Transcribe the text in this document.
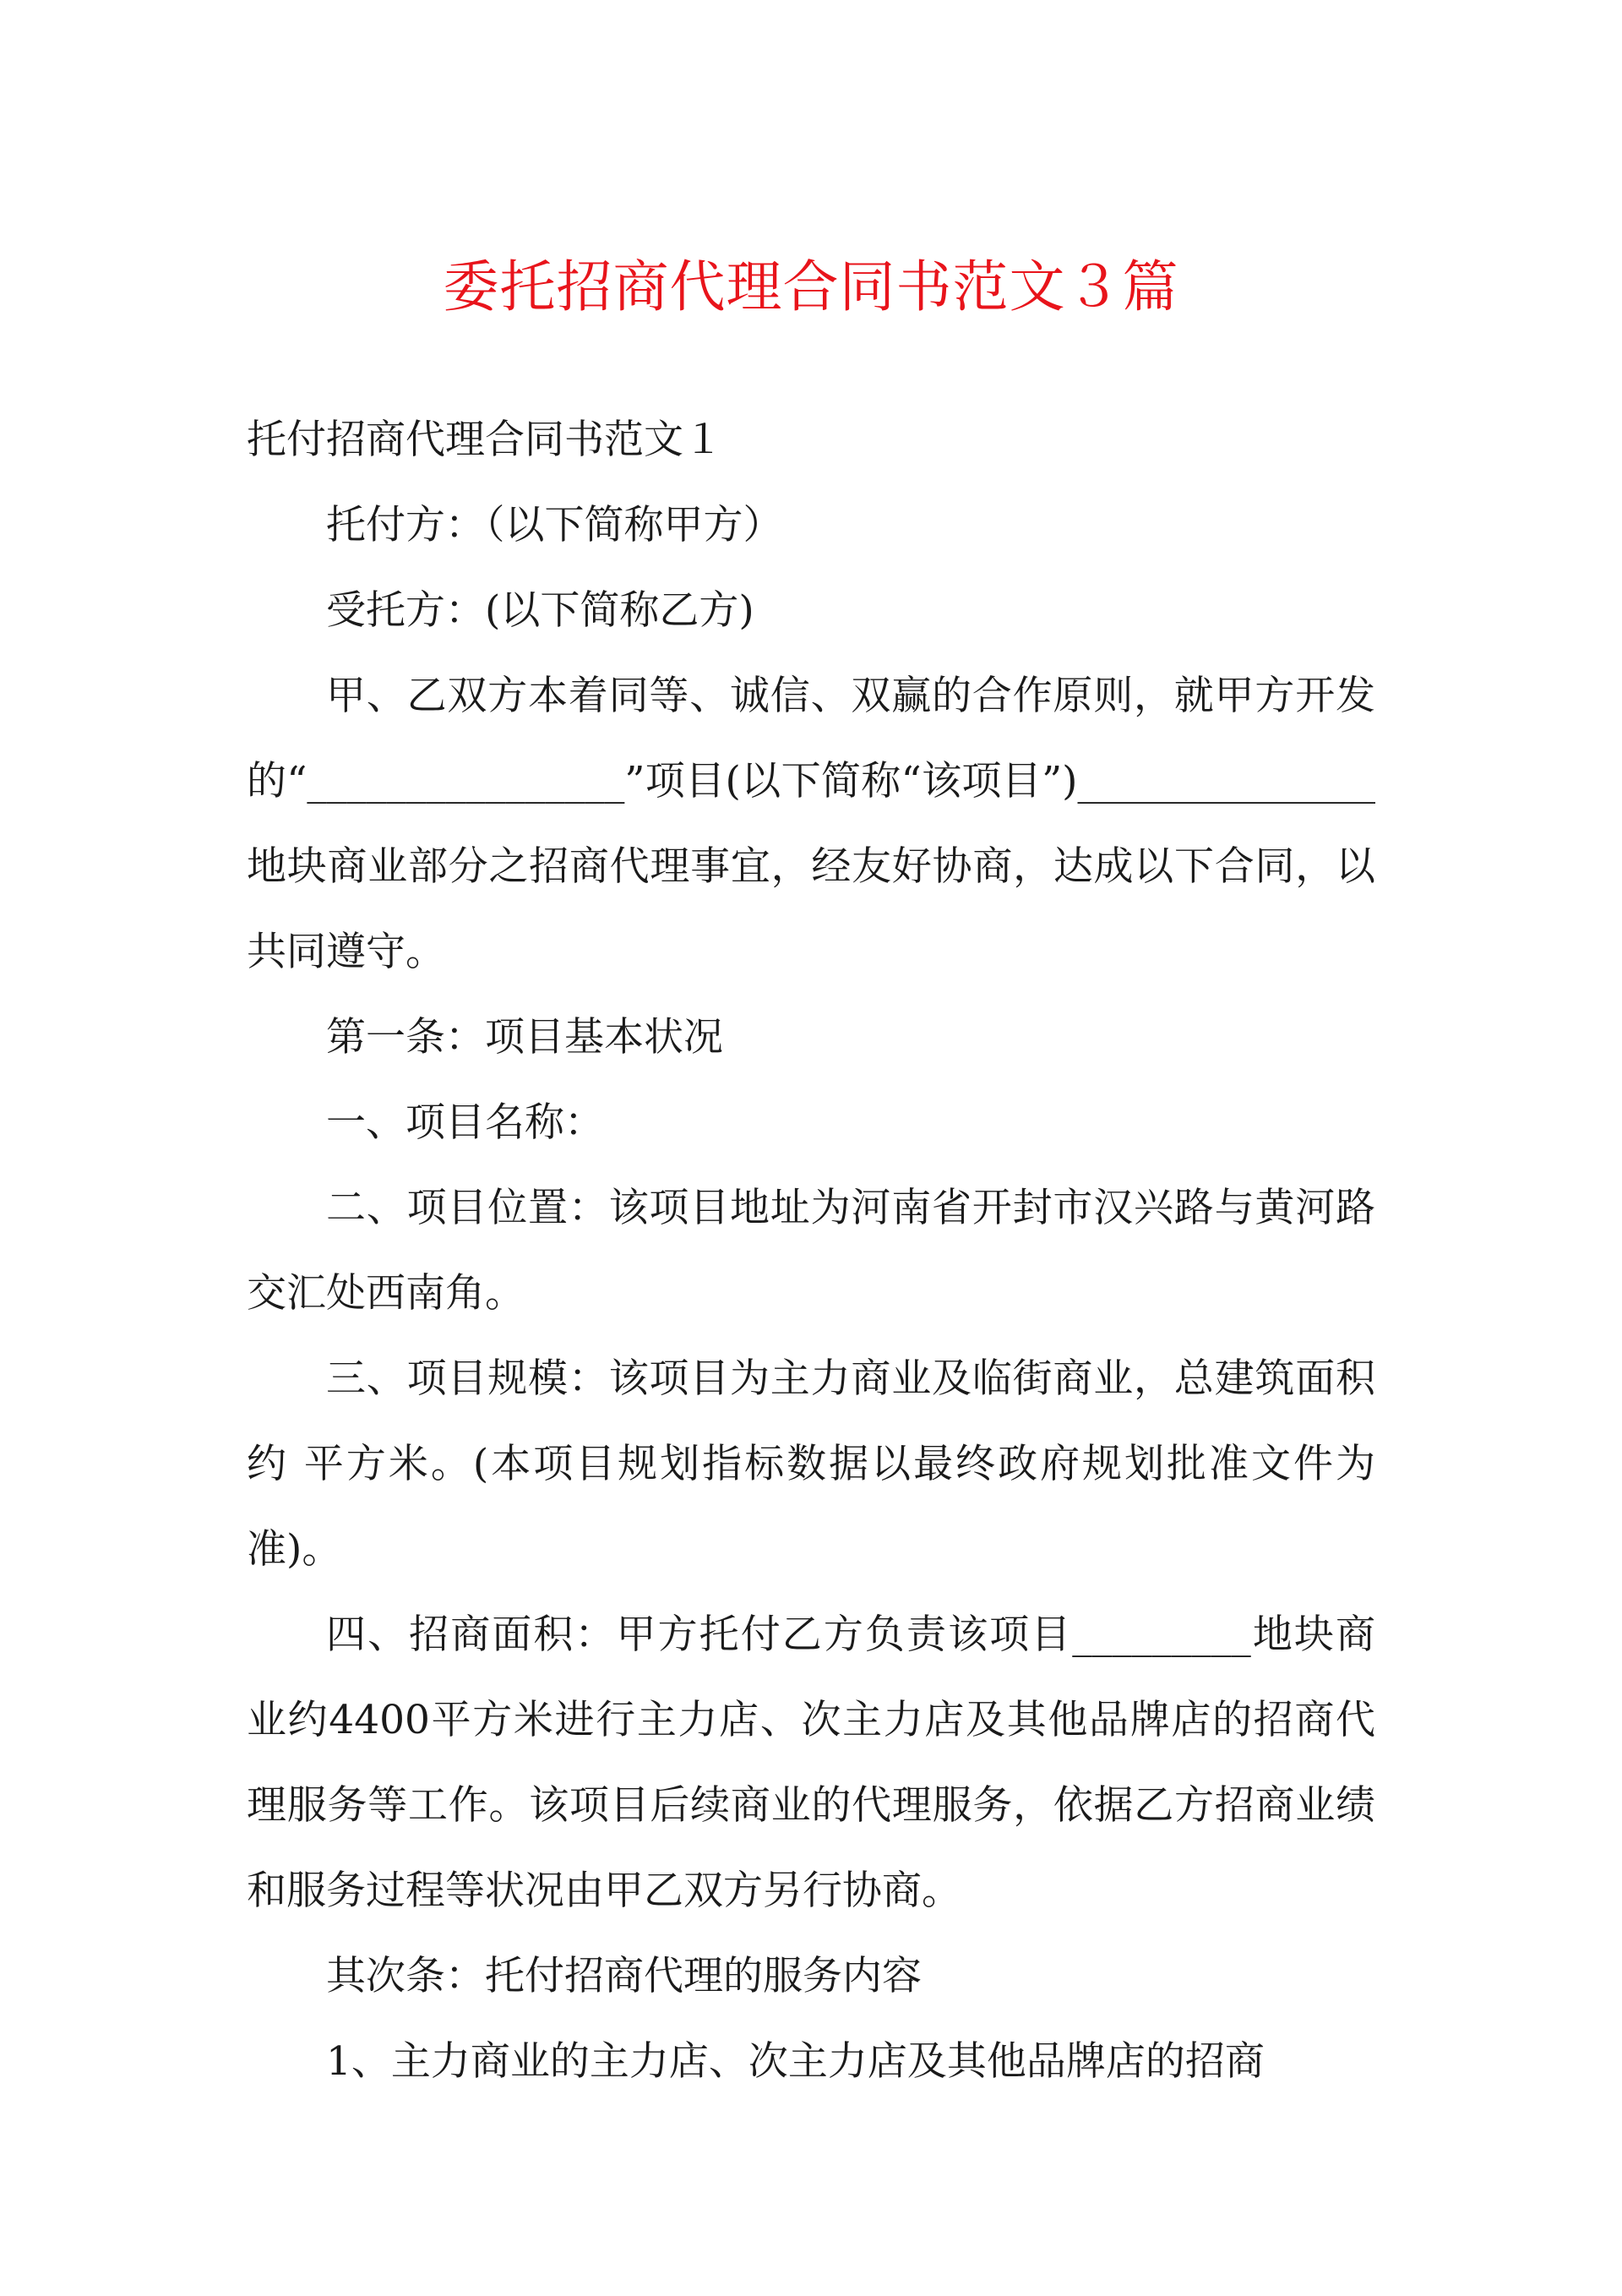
委托招商代理合同书范文３篇

托付招商代理合同书范文１

托付方：（以下简称甲方）

受托方：(以下简称乙方)

甲、乙双方本着同等、诚信、双赢的合作原则，就甲方开发的“________________”项目(以下简称“该项目”)_______________地块商业部分之招商代理事宜，经友好协商，达成以下合同，以共同遵守。

第一条：项目基本状况

一、项目名称：

二、项目位置：该项目地址为河南省开封市汉兴路与黄河路交汇处西南角。

三、项目规模：该项目为主力商业及临街商业，总建筑面积约 平方米。(本项目规划指标数据以最终政府规划批准文件为准)。

四、招商面积：甲方托付乙方负责该项目_________地块商业约4400平方米进行主力店、次主力店及其他品牌店的招商代理服务等工作。该项目后续商业的代理服务，依据乙方招商业绩和服务过程等状况由甲乙双方另行协商。

其次条：托付招商代理的服务内容

1、主力商业的主力店、次主力店及其他品牌店的招商
